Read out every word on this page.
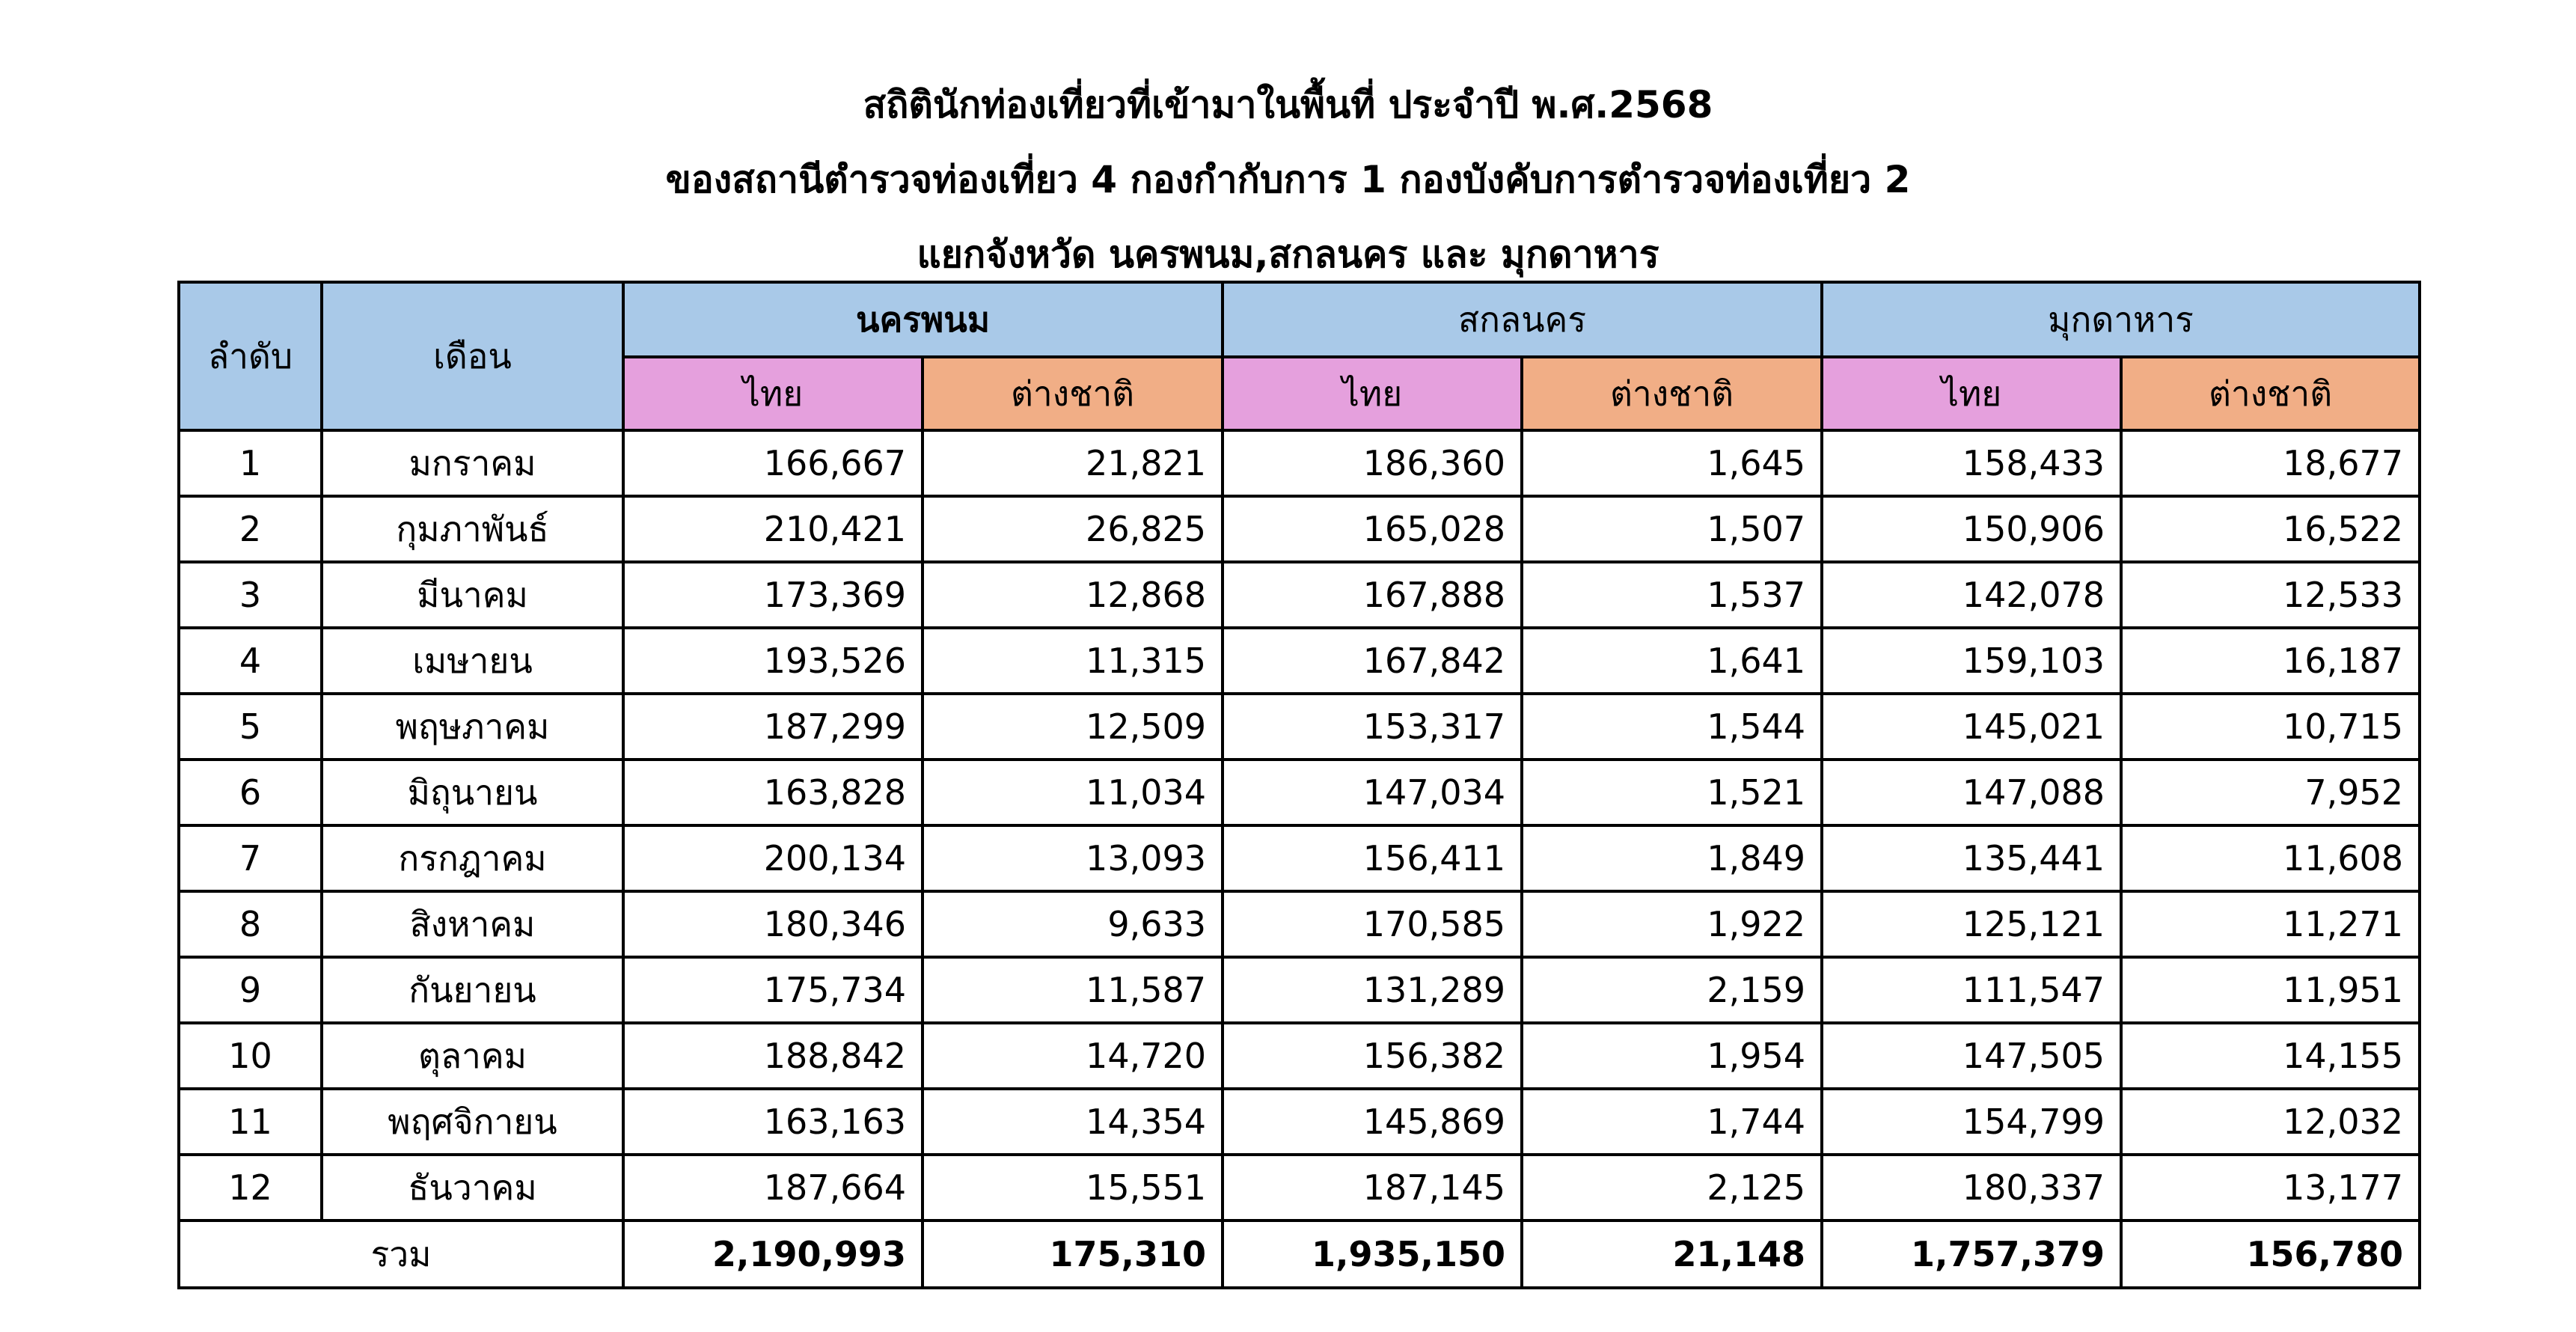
สถิตินักท่องเที่ยวที่เข้ามาในพื้นที่ ประจำปี พ.ศ.2568
ของสถานีตำรวจท่องเที่ยว 4 กองกำกับการ 1 กองบังคับการตำรวจท่องเที่ยว 2
แยกจังหวัด นครพนม,สกลนคร และ มุกดาหาร
ลำดับ	เดือน	นครพนม		สกลนคร		มุกดาหาร	
		ไทย	ต่างชาติ	ไทย	ต่างชาติ	ไทย	ต่างชาติ
1	มกราคม	166,667	21,821	186,360	1,645	158,433	18,677
2	กุมภาพันธ์	210,421	26,825	165,028	1,507	150,906	16,522
3	มีนาคม	173,369	12,868	167,888	1,537	142,078	12,533
4	เมษายน	193,526	11,315	167,842	1,641	159,103	16,187
5	พฤษภาคม	187,299	12,509	153,317	1,544	145,021	10,715
6	มิถุนายน	163,828	11,034	147,034	1,521	147,088	7,952
7	กรกฎาคม	200,134	13,093	156,411	1,849	135,441	11,608
8	สิงหาคม	180,346	9,633	170,585	1,922	125,121	11,271
9	กันยายน	175,734	11,587	131,289	2,159	111,547	11,951
10	ตุลาคม	188,842	14,720	156,382	1,954	147,505	14,155
11	พฤศจิกายน	163,163	14,354	145,869	1,744	154,799	12,032
12	ธันวาคม	187,664	15,551	187,145	2,125	180,337	13,177
รวม		2,190,993	175,310	1,935,150	21,148	1,757,379	156,780
